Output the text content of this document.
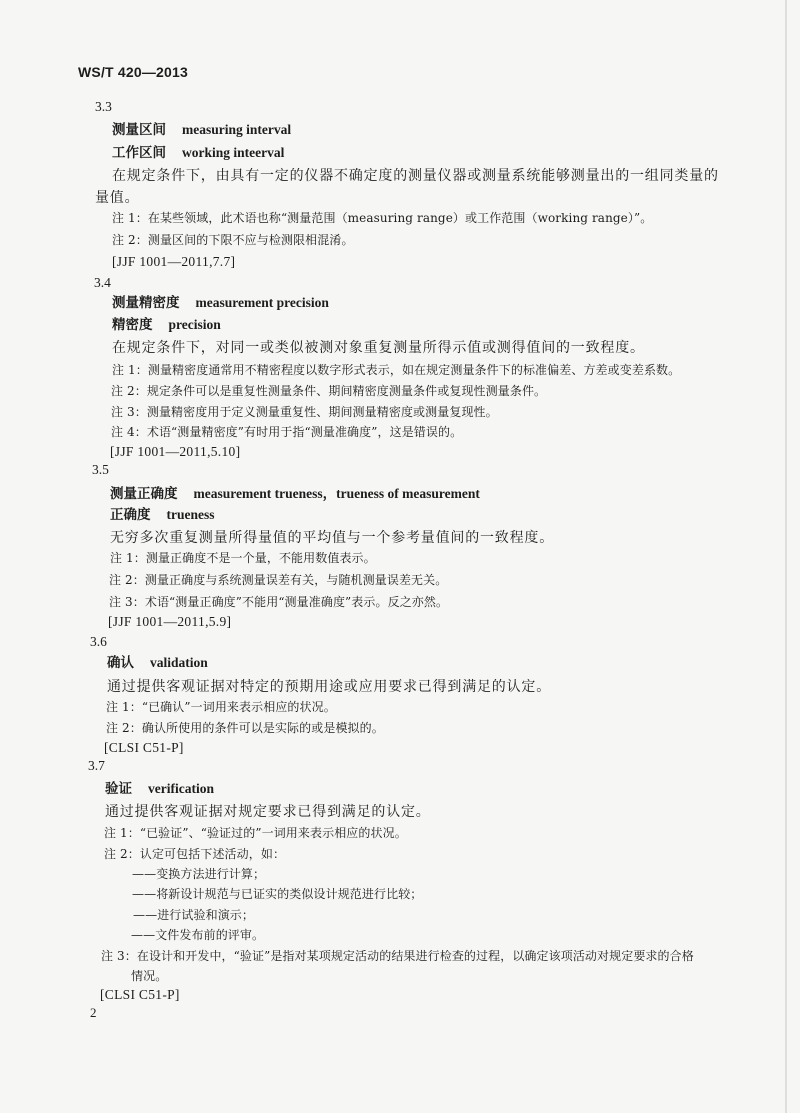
WS/T 420—2013
3.3
测量区间 measuring interval
工作区间 working inteerval
在规定条件下，由具有一定的仪器不确定度的测量仪器或测量系统能够测量出的一组同类量的
量值。
注 1：在某些领域，此术语也称“测量范围（measuring range）或工作范围（working range）”。
注 2：测量区间的下限不应与检测限相混淆。
[JJF 1001—2011,7.7]
3.4
测量精密度 measurement precision
精密度 precision
在规定条件下，对同一或类似被测对象重复测量所得示值或测得值间的一致程度。
注 1：测量精密度通常用不精密程度以数字形式表示，如在规定测量条件下的标准偏差、方差或变差系数。
注 2：规定条件可以是重复性测量条件、期间精密度测量条件或复现性测量条件。
注 3：测量精密度用于定义测量重复性、期间测量精密度或测量复现性。
注 4：术语“测量精密度”有时用于指“测量准确度”，这是错误的。
[JJF 1001—2011,5.10]
3.5
测量正确度 measurement trueness，trueness of measurement
正确度 trueness
无穷多次重复测量所得量值的平均值与一个参考量值间的一致程度。
注 1：测量正确度不是一个量，不能用数值表示。
注 2：测量正确度与系统测量误差有关，与随机测量误差无关。
注 3：术语“测量正确度”不能用“测量准确度”表示。反之亦然。
[JJF 1001—2011,5.9]
3.6
确认 validation
通过提供客观证据对特定的预期用途或应用要求已得到满足的认定。
注 1：“已确认”一词用来表示相应的状况。
注 2：确认所使用的条件可以是实际的或是模拟的。
[CLSI C51-P]
3.7
验证 verification
通过提供客观证据对规定要求已得到满足的认定。
注 1：“已验证”、“验证过的”一词用来表示相应的状况。
注 2：认定可包括下述活动，如：
——变换方法进行计算；
——将新设计规范与已证实的类似设计规范进行比较；
——进行试验和演示；
——文件发布前的评审。
注 3：在设计和开发中，“验证”是指对某项规定活动的结果进行检查的过程，以确定该项活动对规定要求的合格
情况。
[CLSI C51-P]
2
